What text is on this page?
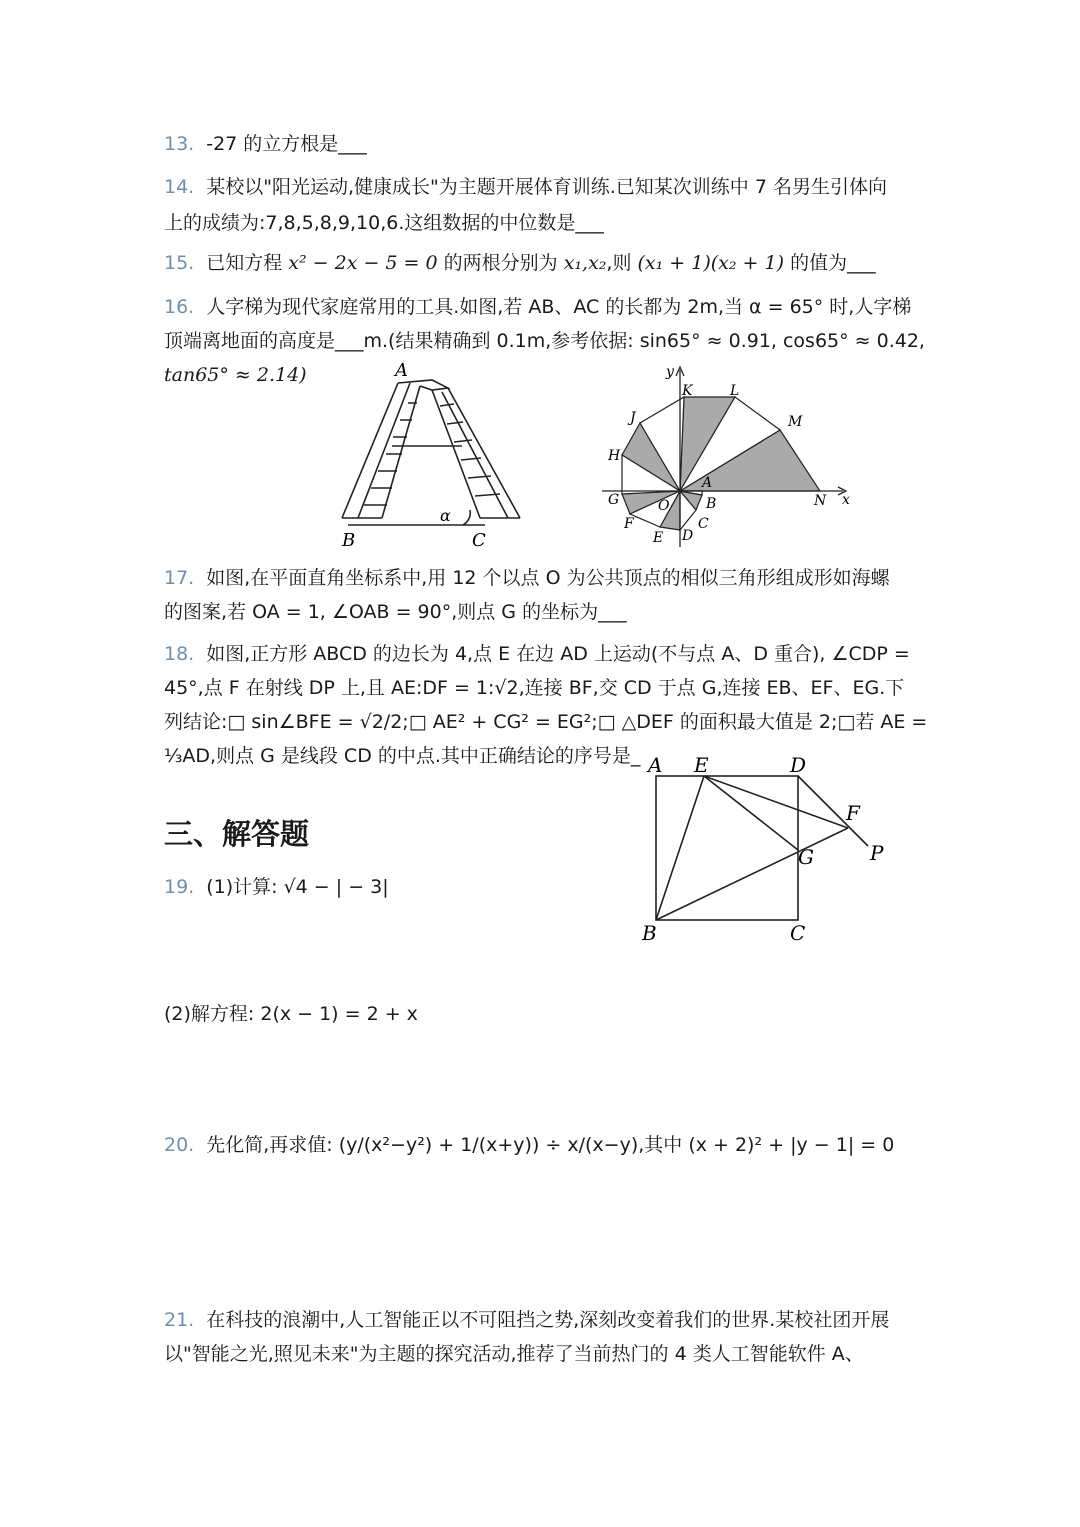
13. -27 的立方根是___
14. 某校以"阳光运动,健康成长"为主题开展体育训练.已知某次训练中 7 名男生引体向
上的成绩为:7,8,5,8,9,10,6.这组数据的中位数是___
15. 已知方程 x² − 2x − 5 = 0 的两根分别为 x₁,x₂,则 (x₁ + 1)(x₂ + 1) 的值为___
16. 人字梯为现代家庭常用的工具.如图,若 AB、AC 的长都为 2m,当 α = 65° 时,人字梯
顶端离地面的高度是___m.(结果精确到 0.1m,参考依据: sin65° ≈ 0.91, cos65° ≈ 0.42,
tan65° ≈ 2.14)	A
B	C
α
y
x
K	L
M
N
J
H
G
F
E D
C
B
A
O
17. 如图,在平面直角坐标系中,用 12 个以点 O 为公共顶点的相似三角形组成形如海螺
的图案,若 OA = 1, ∠OAB = 90°,则点 G 的坐标为___
18. 如图,正方形 ABCD 的边长为 4,点 E 在边 AD 上运动(不与点 A、D 重合), ∠CDP =
45°,点 F 在射线 DP 上,且 AE:DF = 1:√2,连接 BF,交 CD 于点 G,连接 EB、EF、EG.下
列结论:□ sin∠BFE = √2/2;□ AE² + CG² = EG²;□ △DEF 的面积最大值是 2;□若 AE =
⅓AD,则点 G 是线段 CD 的中点.其中正确结论的序号是_ A E	D
F
P
G
B	C
三、解答题
19. (1)计算: √4 − | − 3|
(2)解方程: 2(x − 1) = 2 + x
20. 先化简,再求值: (y/(x²−y²) + 1/(x+y)) ÷ x/(x−y),其中 (x + 2)² + |y − 1| = 0
21. 在科技的浪潮中,人工智能正以不可阻挡之势,深刻改变着我们的世界.某校社团开展
以"智能之光,照见未来"为主题的探究活动,推荐了当前热门的 4 类人工智能软件 A、
